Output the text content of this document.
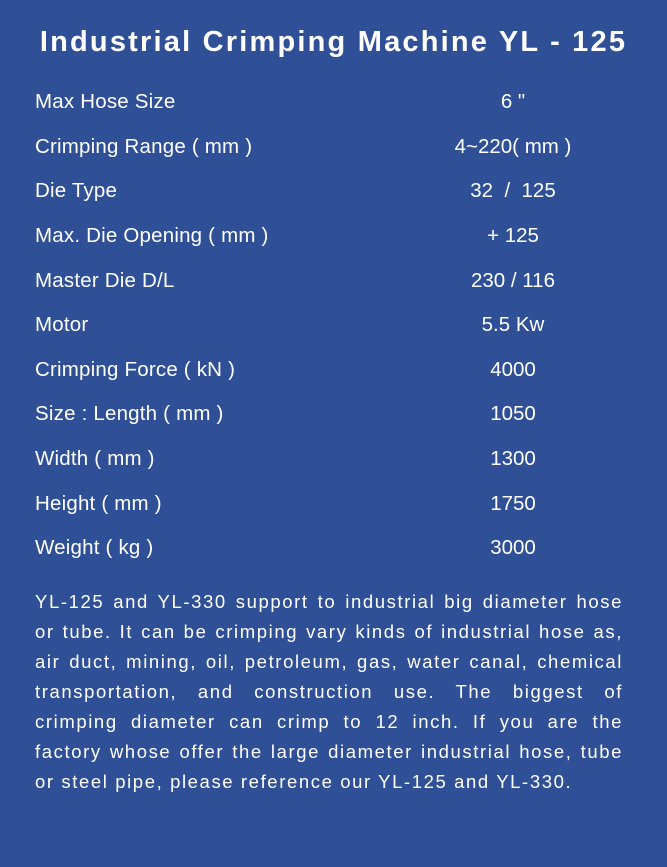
Industrial Crimping Machine YL - 125
Max Hose Size	6 "
Crimping Range ( mm )	4~220( mm )
Die Type	32  /  125
Max. Die Opening ( mm )	+ 125
Master Die D/L	230 / 116
Motor	5.5 Kw
Crimping Force ( kN )	4000
Size : Length ( mm )	1050
Width ( mm )	1300
Height ( mm )	1750
Weight ( kg )	3000

YL-125 and YL-330 support to industrial big diameter hose or tube. It can be crimping vary kinds of industrial hose as, air duct, mining, oil, petroleum, gas, water canal, chemical transportation, and construction use. The biggest of crimping diameter can crimp to 12 inch. If you are the factory whose offer the large diameter industrial hose, tube or steel pipe, please reference our YL-125 and YL-330.
